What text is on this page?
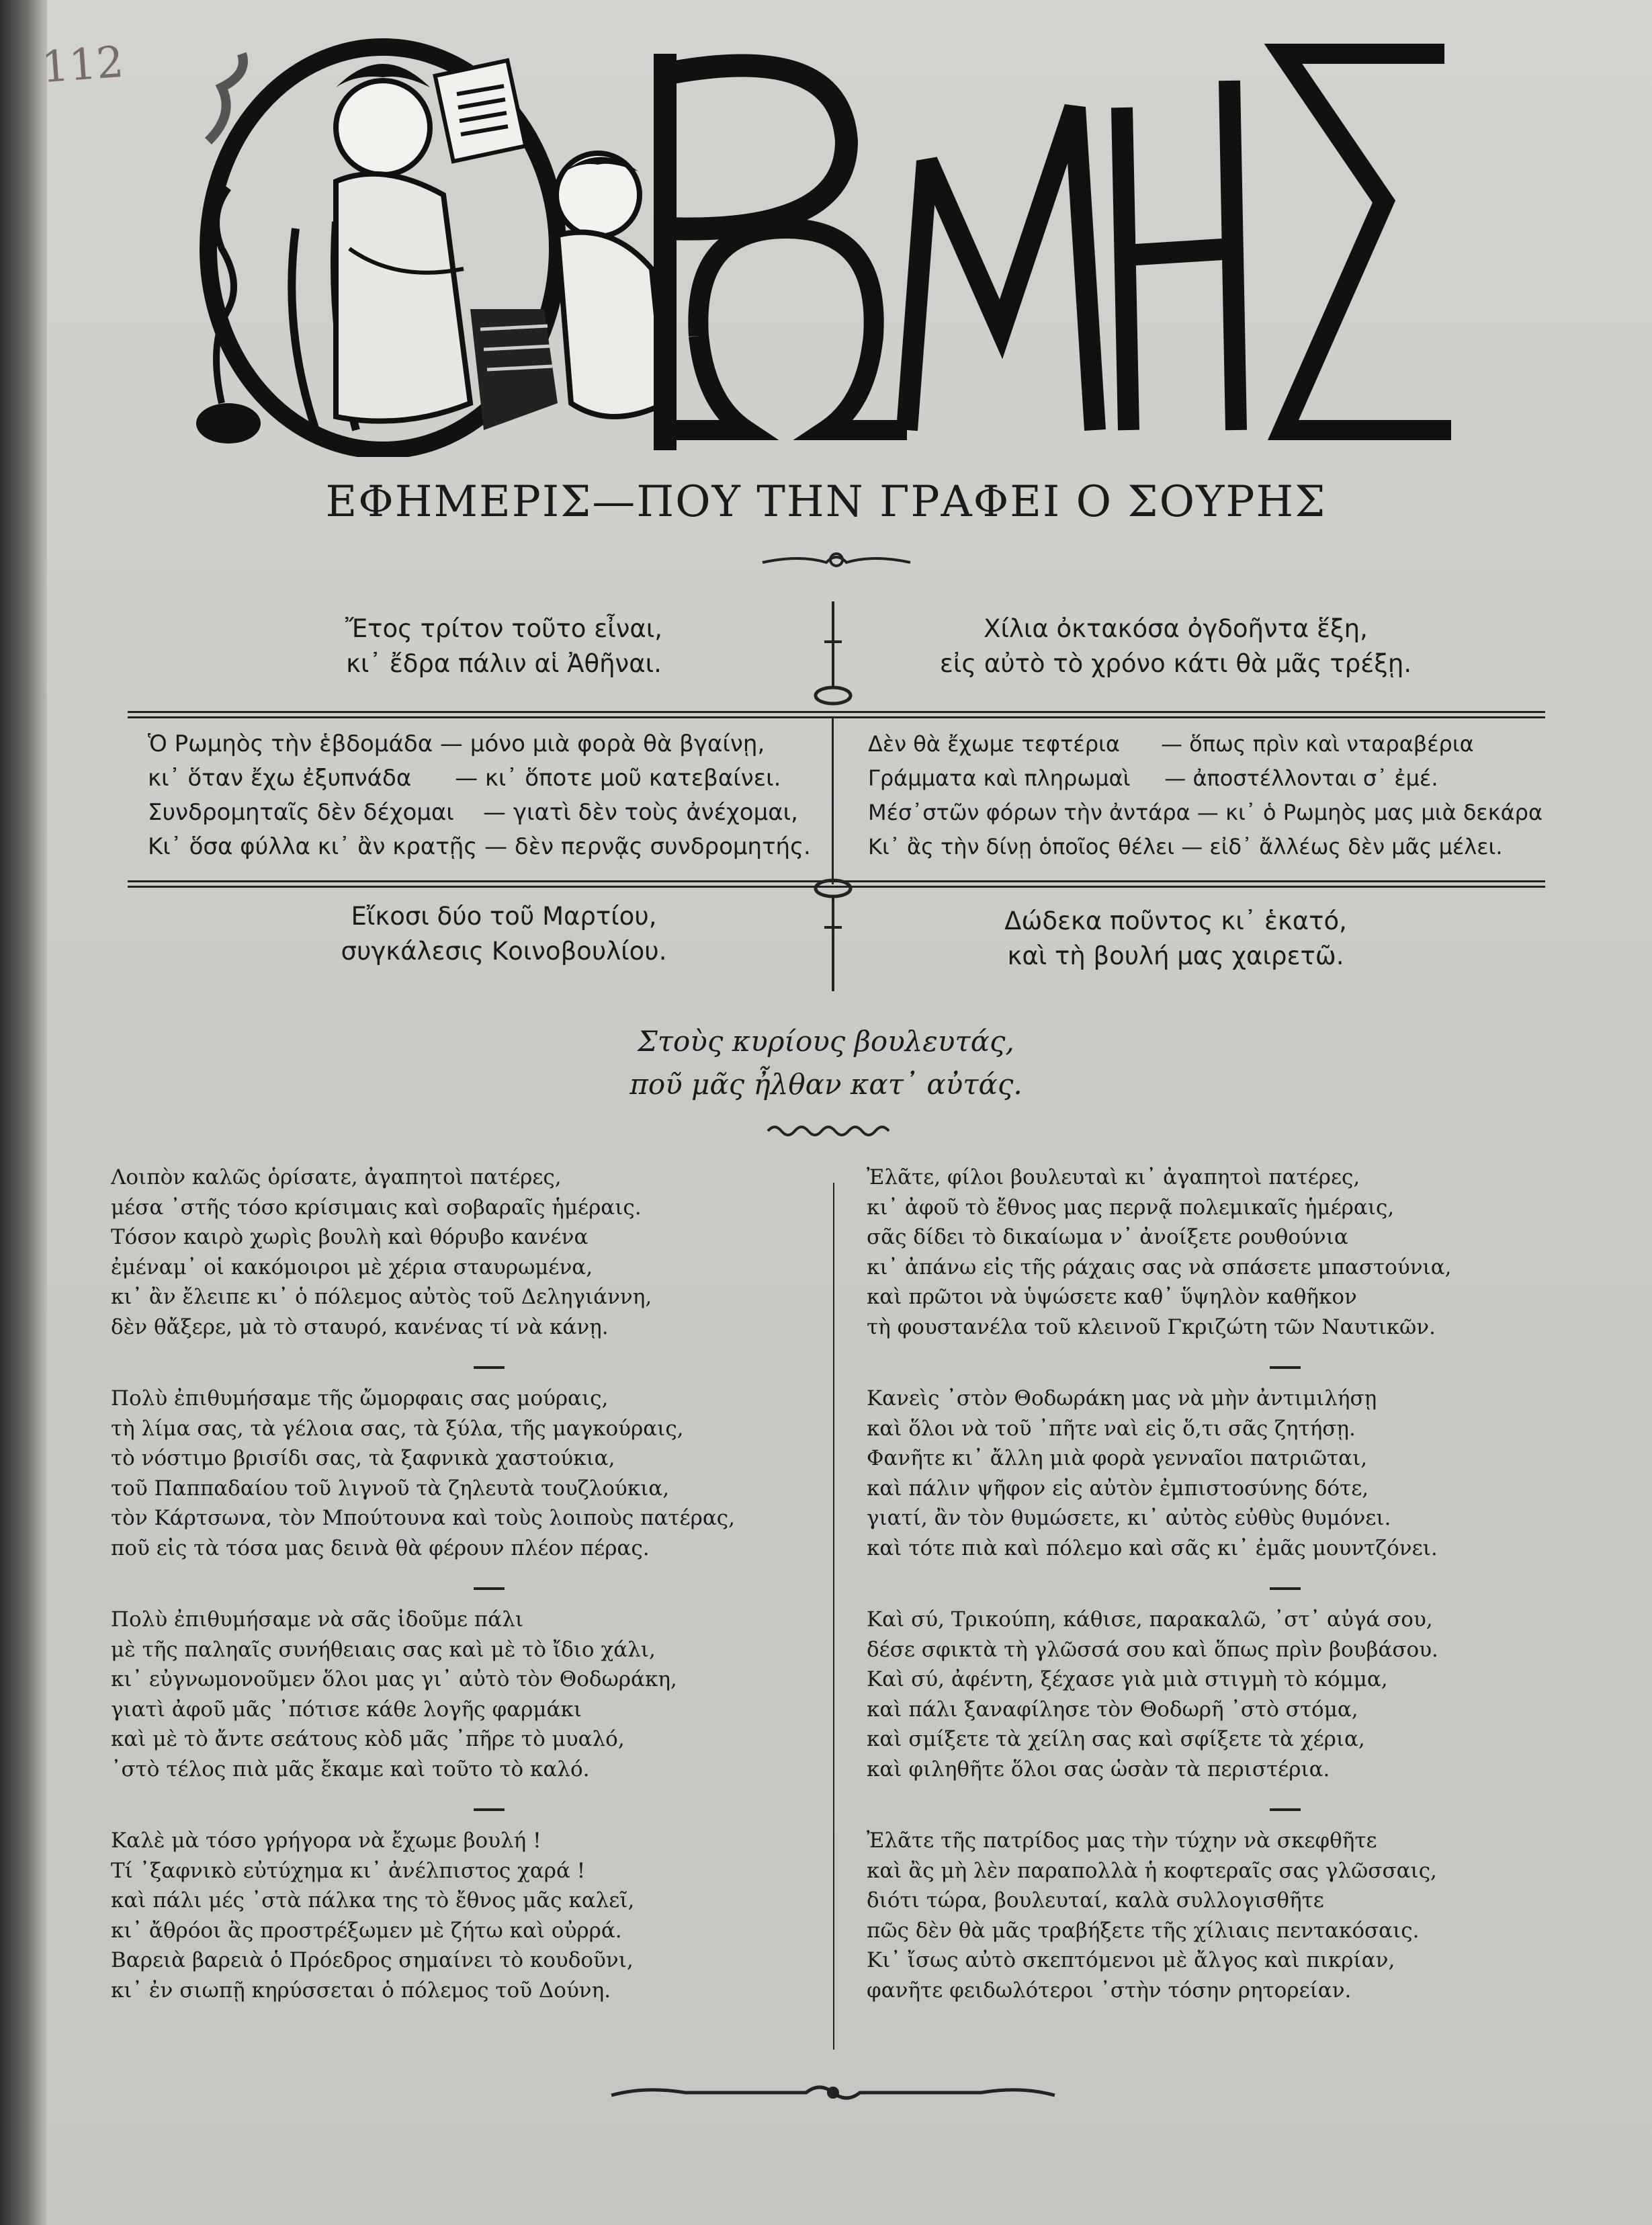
112
ΕΦΗΜΕΡΙΣ—ΠΟΥ ΤΗΝ ΓΡΑΦΕΙ Ο ΣΟΥΡΗΣ
Ἔτος τρίτον τοῦτο εἶναι,
κι᾿ ἔδρα πάλιν αἱ Ἀθῆναι.
Χίλια ὀκτακόσα ὀγδοῆντα ἕξη,
εἰς αὐτὸ τὸ χρόνο κάτι θὰ μᾶς τρέξῃ.
Ὁ Ρωμηὸς τὴν ἑβδομάδα — μόνο μιὰ φορὰ θὰ βγαίνῃ,
κι᾿ ὅταν ἔχω ἐξυπνάδα      — κι᾿ ὅποτε μοῦ κατεβαίνει.
Συνδρομηταῖς δὲν δέχομαι    — γιατὶ δὲν τοὺς ἀνέχομαι,
Κι᾿ ὅσα φύλλα κι᾿ ἂν κρατῇς — δὲν περνᾷς συνδρομητής.
Δὲν θὰ ἔχωμε τεφτέρια      — ὅπως πρὶν καὶ νταραβέρια
Γράμματα καὶ πληρωμαὶ     — ἀποστέλλονται σ᾿ ἐμέ.
Μέσ᾿στῶν φόρων τὴν ἀντάρα — κι᾿ ὁ Ρωμηὸς μας μιὰ δεκάρα
Κι᾿ ἂς τὴν δίνῃ ὁποῖος θέλει — εἰδ᾿ ἄλλέως δὲν μᾶς μέλει.
Εἴκοσι δύο τοῦ Μαρτίου,
συγκάλεσις Κοινοβουλίου.
Δώδεκα ποῦντος κι᾿ ἑκατό,
καὶ τὴ βουλή μας χαιρετῶ.
Στοὺς κυρίους βουλευτάς,
ποῦ μᾶς ἦλθαν κατ᾿ αὐτάς.
Λοιπὸν καλῶς ὁρίσατε, ἀγαπητοὶ πατέρες,
μέσα ᾿στῆς τόσο κρίσιμαις καὶ σοβαραῖς ἡμέραις.
Τόσον καιρὸ χωρὶς βουλὴ καὶ θόρυβο κανένα
ἐμέναμ᾿ οἱ κακόμοιροι μὲ χέρια σταυρωμένα,
κι᾿ ἂν ἔλειπε κι᾿ ὁ πόλεμος αὐτὸς τοῦ Δεληγιάννη,
δὲν θἄξερε, μὰ τὸ σταυρό, κανένας τί νὰ κάνῃ.
Πολὺ ἐπιθυμήσαμε τῆς ὤμορφαις σας μούραις,
τὴ λίμα σας, τὰ γέλοια σας, τὰ ξύλα, τῆς μαγκούραις,
τὸ νόστιμο βρισίδι σας, τὰ ξαφνικὰ χαστούκια,
τοῦ Παππαδαίου τοῦ λιγνοῦ τὰ ζηλευτὰ τουζλούκια,
τὸν Κάρτσωνα, τὸν Μπούτουνα καὶ τοὺς λοιποὺς πατέρας,
ποῦ εἰς τὰ τόσα μας δεινὰ θὰ φέρουν πλέον πέρας.
Πολὺ ἐπιθυμήσαμε νὰ σᾶς ἰδοῦμε πάλι
μὲ τῆς παληαῖς συνήθειαις σας καὶ μὲ τὸ ἴδιο χάλι,
κι᾿ εὐγνωμονοῦμεν ὅλοι μας γι᾿ αὐτὸ τὸν Θοδωράκη,
γιατὶ ἀφοῦ μᾶς ᾿πότισε κάθε λογῆς φαρμάκι
καὶ μὲ τὸ ἄντε σεάτους κὸδ μᾶς ᾿πῆρε τὸ μυαλό,
᾿στὸ τέλος πιὰ μᾶς ἔκαμε καὶ τοῦτο τὸ καλό.
Καλὲ μὰ τόσο γρήγορα νὰ ἔχωμε βουλή !
Τί ᾿ξαφνικὸ εὐτύχημα κι᾿ ἀνέλπιστος χαρά !
καὶ πάλι μές ᾿στὰ πάλκα της τὸ ἔθνος μᾶς καλεῖ,
κι᾿ ἄθρόοι ἂς προστρέξωμεν μὲ ζήτω καὶ οὐρρά.
Βαρειὰ βαρειὰ ὁ Πρόεδρος σημαίνει τὸ κουδοῦνι,
κι᾿ ἐν σιωπῇ κηρύσσεται ὁ πόλεμος τοῦ Δούνη.
Ἐλᾶτε, φίλοι βουλευταὶ κι᾿ ἀγαπητοὶ πατέρες,
κι᾿ ἀφοῦ τὸ ἔθνος μας περνᾷ πολεμικαῖς ἡμέραις,
σᾶς δίδει τὸ δικαίωμα ν᾿ ἀνοίξετε ρουθούνια
κι᾿ ἀπάνω εἰς τῆς ράχαις σας νὰ σπάσετε μπαστούνια,
καὶ πρῶτοι νὰ ὑψώσετε καθ᾿ ὕψηλὸν καθῆκον
τὴ φουστανέλα τοῦ κλεινοῦ Γκριζώτη τῶν Ναυτικῶν.
Κανεὶς ᾿στὸν Θοδωράκη μας νὰ μὴν ἀντιμιλήσῃ
καὶ ὅλοι νὰ τοῦ ᾿πῆτε ναὶ εἰς ὅ,τι σᾶς ζητήσῃ.
Φανῆτε κι᾿ ἄλλη μιὰ φορὰ γενναῖοι πατριῶται,
καὶ πάλιν ψῆφον εἰς αὐτὸν ἐμπιστοσύνης δότε,
γιατί, ἂν τὸν θυμώσετε, κι᾿ αὐτὸς εὐθὺς θυμόνει.
καὶ τότε πιὰ καὶ πόλεμο καὶ σᾶς κι᾿ ἐμᾶς μουντζόνει.
Καὶ σύ, Τρικούπη, κάθισε, παρακαλῶ, ᾿στ᾿ αὐγά σου,
δέσε σφικτὰ τὴ γλῶσσά σου καὶ ὅπως πρὶν βουβάσου.
Καὶ σύ, ἀφέντη, ξέχασε γιὰ μιὰ στιγμὴ τὸ κόμμα,
καὶ πάλι ξαναφίλησε τὸν Θοδωρῆ ᾿στὸ στόμα,
καὶ σμίξετε τὰ χείλη σας καὶ σφίξετε τὰ χέρια,
καὶ φιληθῆτε ὅλοι σας ὡσὰν τὰ περιστέρια.
Ἐλᾶτε τῆς πατρίδος μας τὴν τύχην νὰ σκεφθῆτε
καὶ ἂς μὴ λὲν παραπολλὰ ἡ κοφτεραῖς σας γλῶσσαις,
διότι τώρα, βουλευταί, καλὰ συλλογισθῆτε
πῶς δὲν θὰ μᾶς τραβήξετε τῆς χίλιαις πεντακόσαις.
Κι᾿ ἴσως αὐτὸ σκεπτόμενοι μὲ ἄλγος καὶ πικρίαν,
φανῆτε φειδωλότεροι ᾿στὴν τόσην ρητορείαν.
